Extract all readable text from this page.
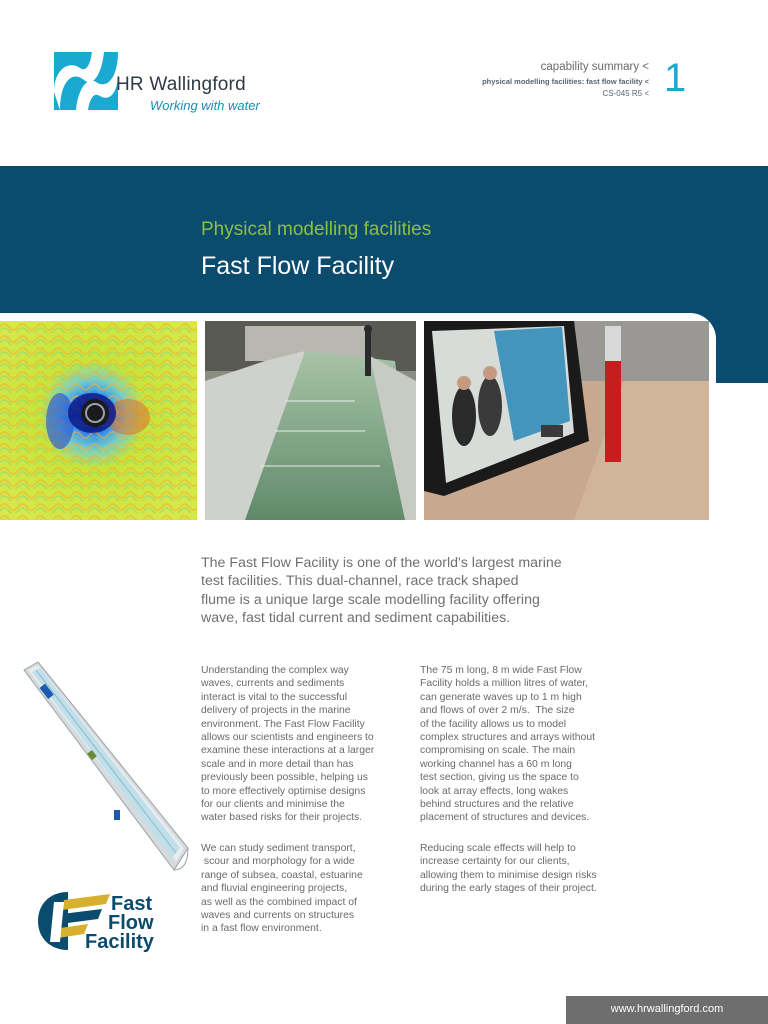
HR Wallingford
Working with water
capability summary <
physical modelling facilities: fast flow facility <
CS-045 R5 < 1
Physical modelling facilities
Fast Flow Facility
The Fast Flow Facility is one of the world's largest marine
test facilities. This dual-channel, race track shaped
flume is a unique large scale modelling facility offering
wave, fast tidal current and sediment capabilities.
Understanding the complex way
waves, currents and sediments
interact is vital to the successful
delivery of projects in the marine
environment. The Fast Flow Facility
allows our scientists and engineers to
examine these interactions at a larger
scale and in more detail than has
previously been possible, helping us
to more effectively optimise designs
for our clients and minimise the
water based risks for their projects.
We can study sediment transport,
scour and morphology for a wide
range of subsea, coastal, estuarine
and fluvial engineering projects,
as well as the combined impact of
waves and currents on structures
in a fast flow environment.
The 75 m long, 8 m wide Fast Flow
Facility holds a million litres of water,
can generate waves up to 1 m high
and flows of over 2 m/s.  The size
of the facility allows us to model
complex structures and arrays without
compromising on scale. The main
working channel has a 60 m long
test section, giving us the space to
look at array effects, long wakes
behind structures and the relative
placement of structures and devices.
Reducing scale effects will help to
increase certainty for our clients,
allowing them to minimise design risks
during the early stages of their project.
Fast
Flow
Facility
www.hrwallingford.com
